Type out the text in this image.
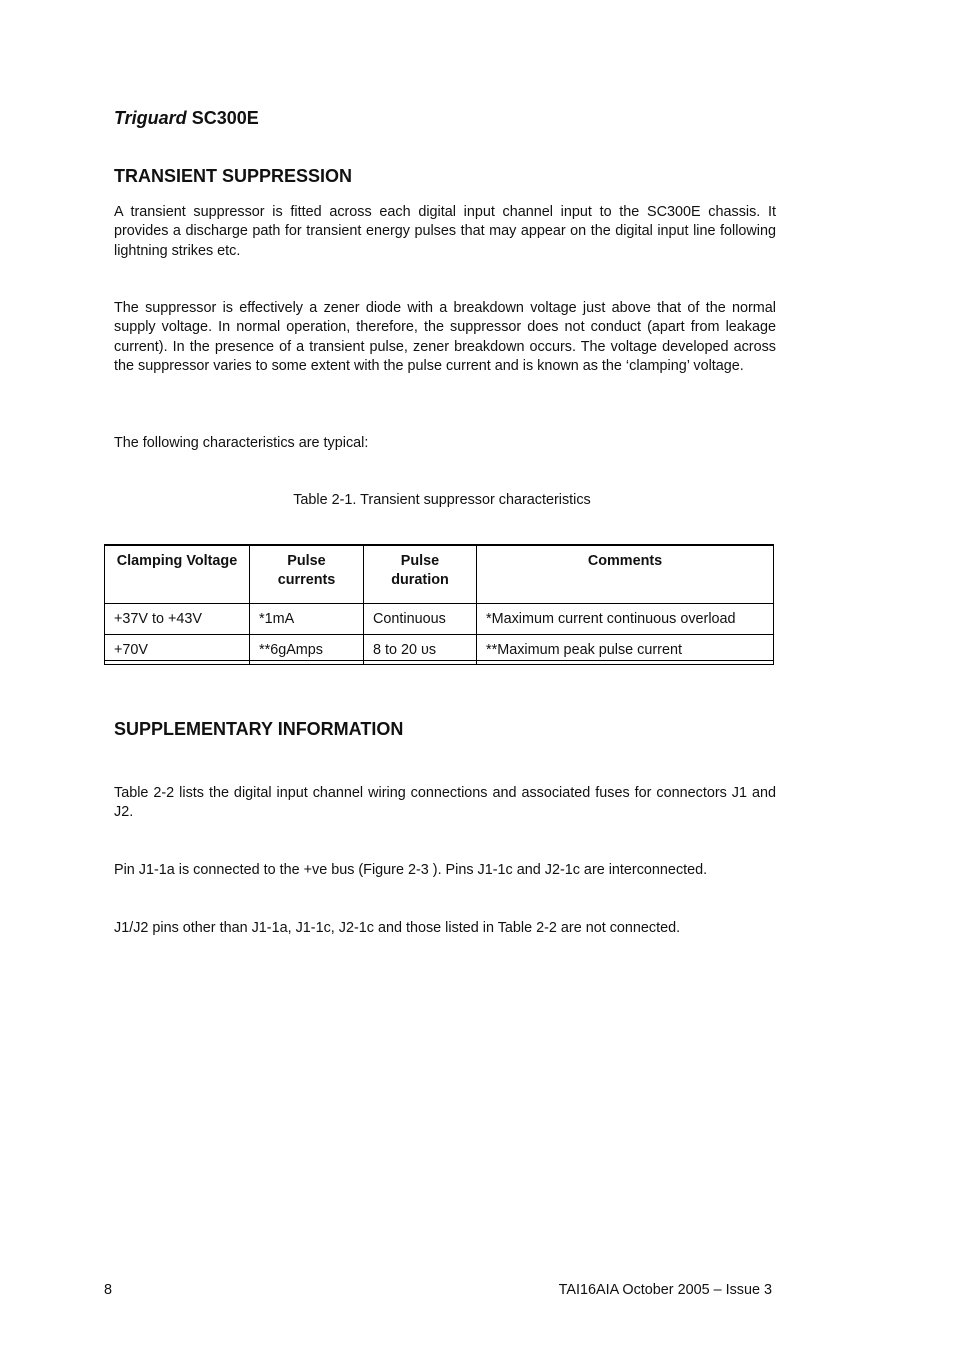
Triguard SC300E
TRANSIENT SUPPRESSION
A transient suppressor is fitted across each digital input channel input to the SC300E chassis. It provides a discharge path for transient energy pulses that may appear on the digital input line following lightning strikes etc.
The suppressor is effectively a zener diode with a breakdown voltage just above that of the normal supply voltage. In normal operation, therefore, the suppressor does not conduct (apart from leakage current). In the presence of a transient pulse, zener breakdown occurs. The voltage developed across the suppressor varies to some extent with the pulse current and is known as the ‘clamping’ voltage.
The following characteristics are typical:
Table 2-1. Transient suppressor characteristics
Clamping Voltage	Pulse currents	Pulse duration	Comments
+37V to +43V	*1mA	Continuous	*Maximum current continuous overload
+70V	**6gAmps	8 to 20 υs	**Maximum peak pulse current
SUPPLEMENTARY INFORMATION
Table 2-2 lists the digital input channel wiring connections and associated fuses for connectors J1 and J2.
Pin J1-1a is connected to the +ve bus (Figure 2-3 ). Pins J1-1c and J2-1c are interconnected.
J1/J2 pins other than J1-1a, J1-1c, J2-1c and those listed in Table 2-2 are not connected.
8	TAI16AIA October 2005 – Issue 3
